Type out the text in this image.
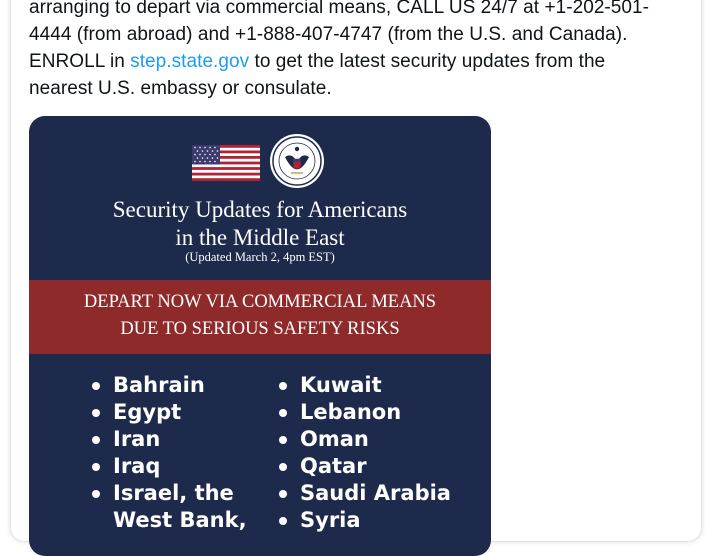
arranging to depart via commercial means, CALL US 24/7 at +1-202-501-
4444 (from abroad) and +1-888-407-4747 (from the U.S. and Canada).
ENROLL in step.state.gov to get the latest security updates from the
nearest U.S. embassy or consulate.
Security Updates for Americans
in the Middle East
(Updated March 2, 4pm EST)
DEPART NOW VIA COMMERCIAL MEANS
DUE TO SERIOUS SAFETY RISKS
Bahrain
Egypt
Iran
Iraq
Israel, the
West Bank,
Kuwait
Lebanon
Oman
Qatar
Saudi Arabia
Syria
